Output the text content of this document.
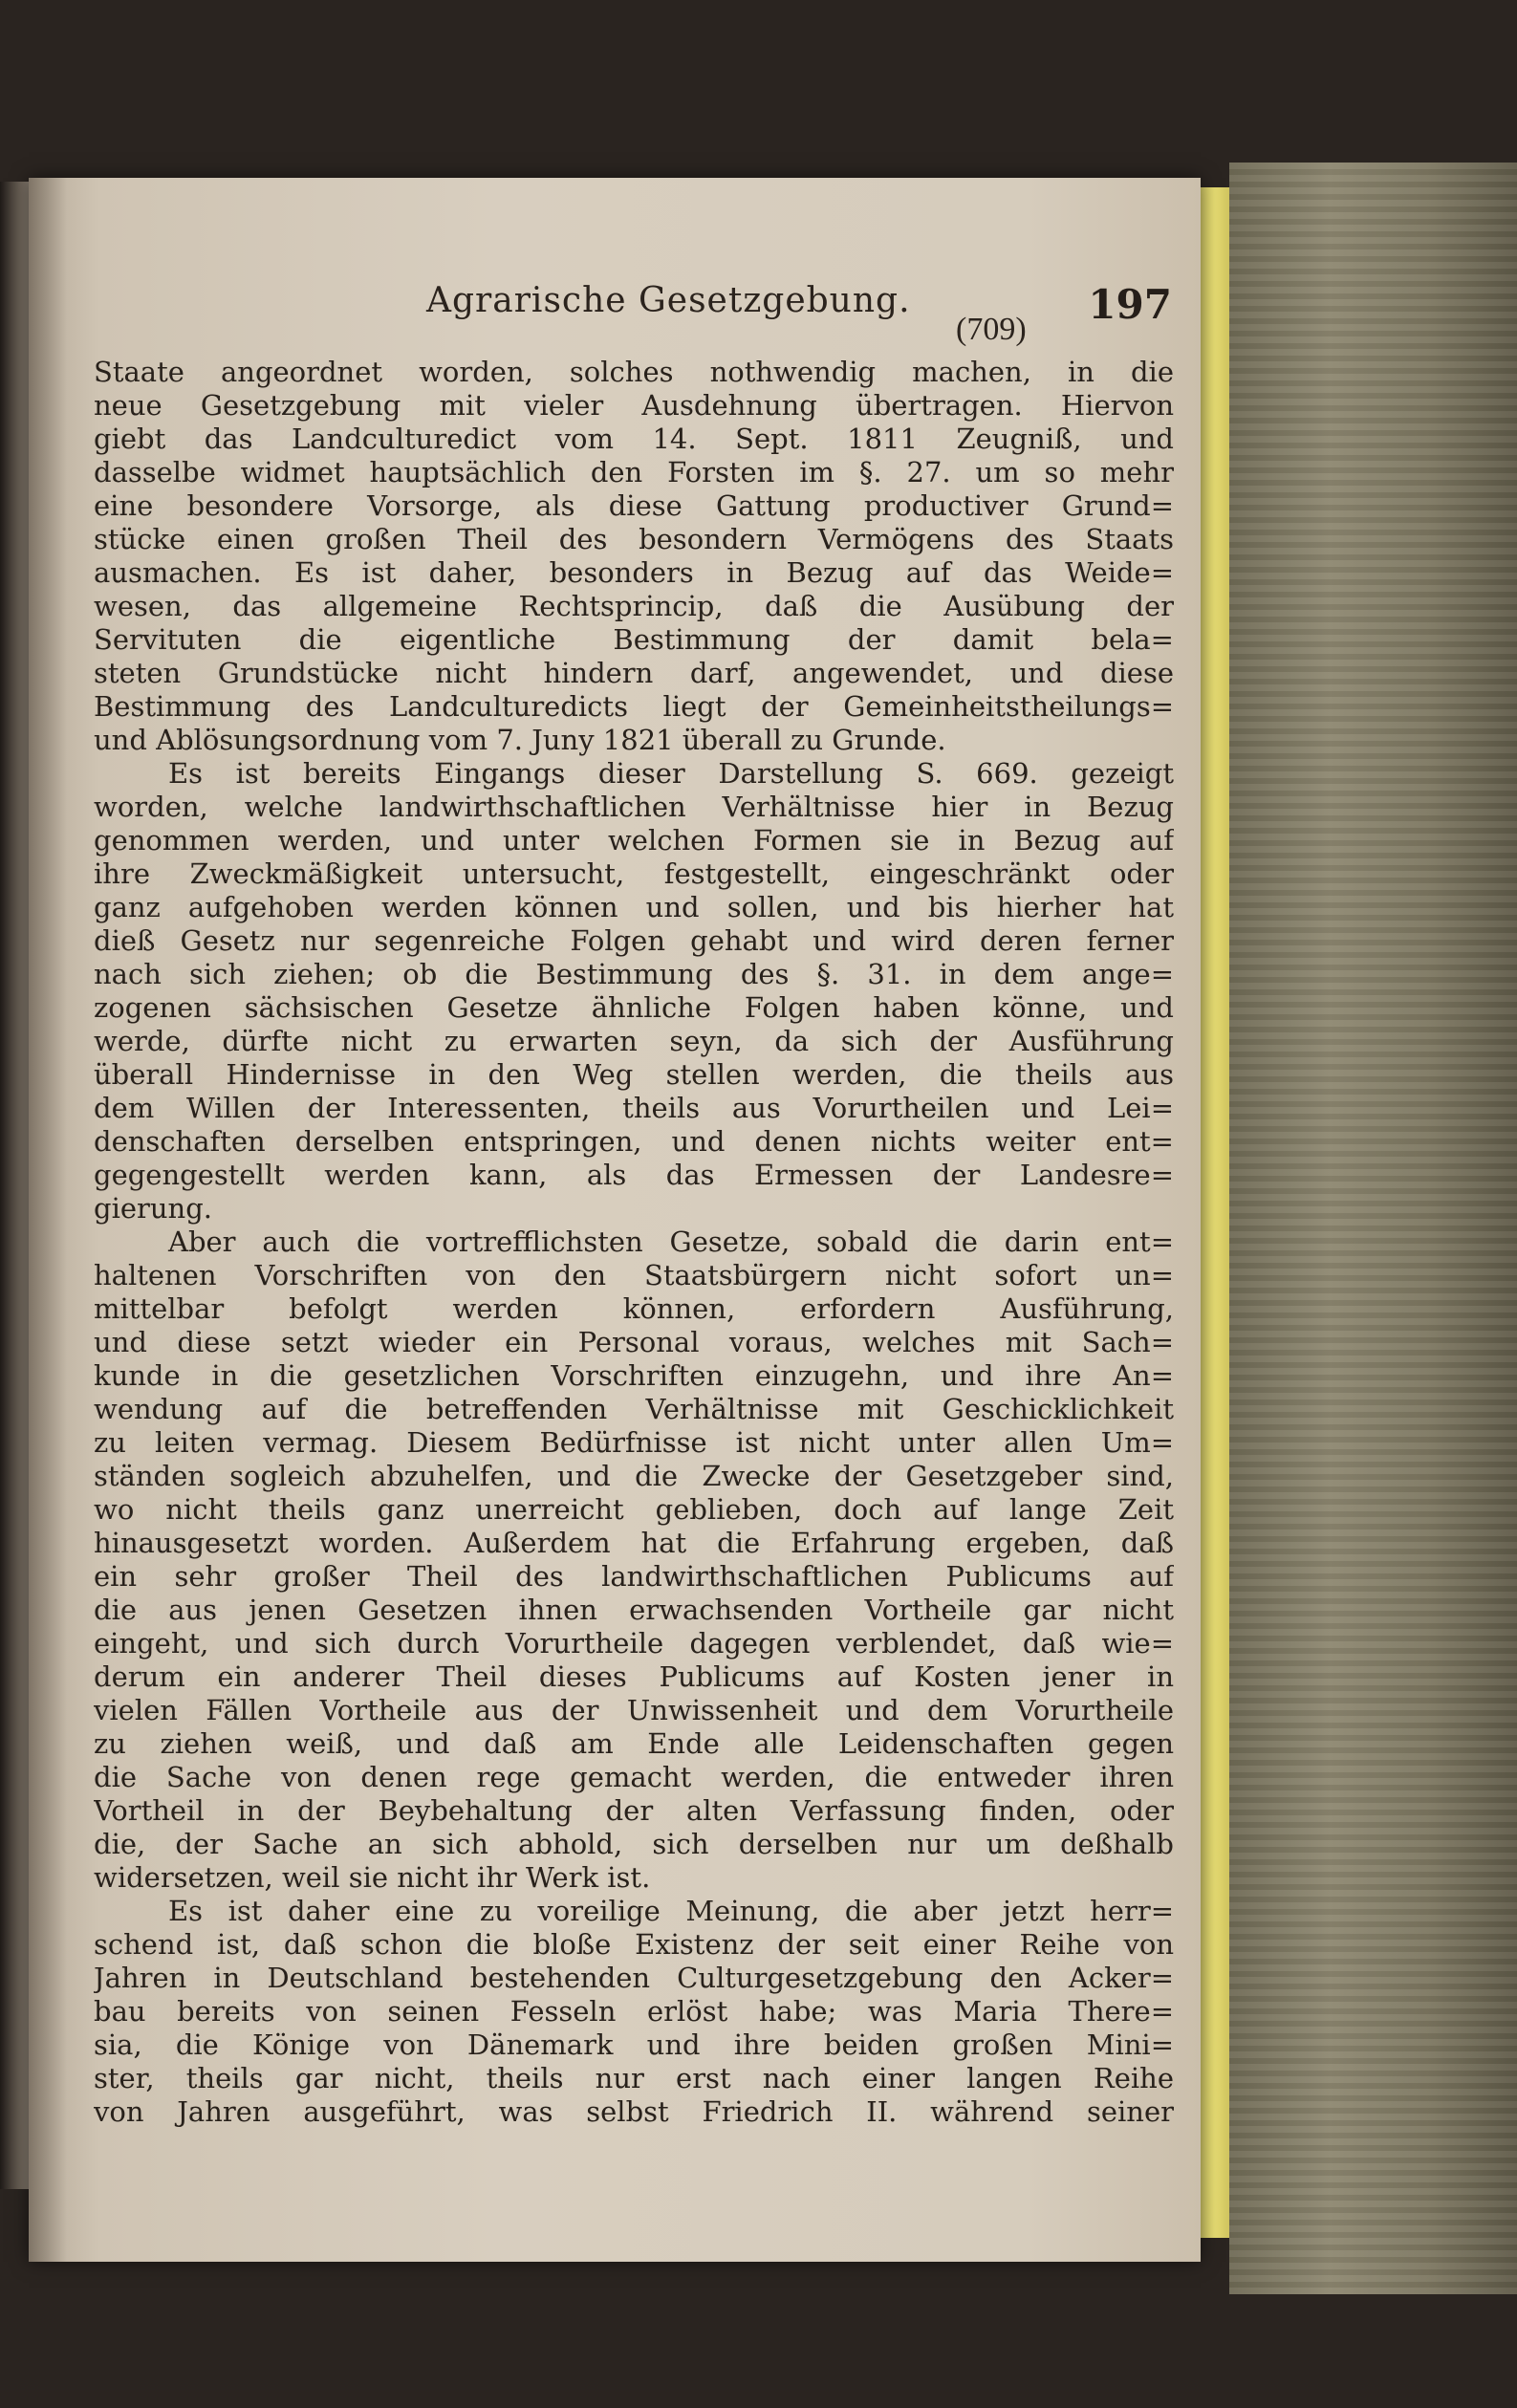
Agrarische Gesetzgebung.	197
(709)
Staate angeordnet worden, solches nothwendig machen, in die
neue Gesetzgebung mit vieler Ausdehnung übertragen. Hiervon
giebt das Landculturedict vom 14. Sept. 1811 Zeugniß, und
dasselbe widmet hauptsächlich den Forsten im §. 27. um so mehr
eine besondere Vorsorge, als diese Gattung productiver Grund=
stücke einen großen Theil des besondern Vermögens des Staats
ausmachen. Es ist daher, besonders in Bezug auf das Weide=
wesen, das allgemeine Rechtsprincip, daß die Ausübung der
Servituten die eigentliche Bestimmung der damit bela=
steten Grundstücke nicht hindern darf, angewendet, und diese
Bestimmung des Landculturedicts liegt der Gemeinheitstheilungs=
und Ablösungsordnung vom 7. Juny 1821 überall zu Grunde.
Es ist bereits Eingangs dieser Darstellung S. 669. gezeigt
worden, welche landwirthschaftlichen Verhältnisse hier in Bezug
genommen werden, und unter welchen Formen sie in Bezug auf
ihre Zweckmäßigkeit untersucht, festgestellt, eingeschränkt oder
ganz aufgehoben werden können und sollen, und bis hierher hat
dieß Gesetz nur segenreiche Folgen gehabt und wird deren ferner
nach sich ziehen; ob die Bestimmung des §. 31. in dem ange=
zogenen sächsischen Gesetze ähnliche Folgen haben könne, und
werde, dürfte nicht zu erwarten seyn, da sich der Ausführung
überall Hindernisse in den Weg stellen werden, die theils aus
dem Willen der Interessenten, theils aus Vorurtheilen und Lei=
denschaften derselben entspringen, und denen nichts weiter ent=
gegengestellt werden kann, als das Ermessen der Landesre=
gierung.
Aber auch die vortrefflichsten Gesetze, sobald die darin ent=
haltenen Vorschriften von den Staatsbürgern nicht sofort un=
mittelbar befolgt werden können, erfordern Ausführung,
und diese setzt wieder ein Personal voraus, welches mit Sach=
kunde in die gesetzlichen Vorschriften einzugehn, und ihre An=
wendung auf die betreffenden Verhältnisse mit Geschicklichkeit
zu leiten vermag. Diesem Bedürfnisse ist nicht unter allen Um=
ständen sogleich abzuhelfen, und die Zwecke der Gesetzgeber sind,
wo nicht theils ganz unerreicht geblieben, doch auf lange Zeit
hinausgesetzt worden. Außerdem hat die Erfahrung ergeben, daß
ein sehr großer Theil des landwirthschaftlichen Publicums auf
die aus jenen Gesetzen ihnen erwachsenden Vortheile gar nicht
eingeht, und sich durch Vorurtheile dagegen verblendet, daß wie=
derum ein anderer Theil dieses Publicums auf Kosten jener in
vielen Fällen Vortheile aus der Unwissenheit und dem Vorurtheile
zu ziehen weiß, und daß am Ende alle Leidenschaften gegen
die Sache von denen rege gemacht werden, die entweder ihren
Vortheil in der Beybehaltung der alten Verfassung finden, oder
die, der Sache an sich abhold, sich derselben nur um deßhalb
widersetzen, weil sie nicht ihr Werk ist.
Es ist daher eine zu voreilige Meinung, die aber jetzt herr=
schend ist, daß schon die bloße Existenz der seit einer Reihe von
Jahren in Deutschland bestehenden Culturgesetzgebung den Acker=
bau bereits von seinen Fesseln erlöst habe; was Maria There=
sia, die Könige von Dänemark und ihre beiden großen Mini=
ster, theils gar nicht, theils nur erst nach einer langen Reihe
von Jahren ausgeführt, was selbst Friedrich II. während seiner
